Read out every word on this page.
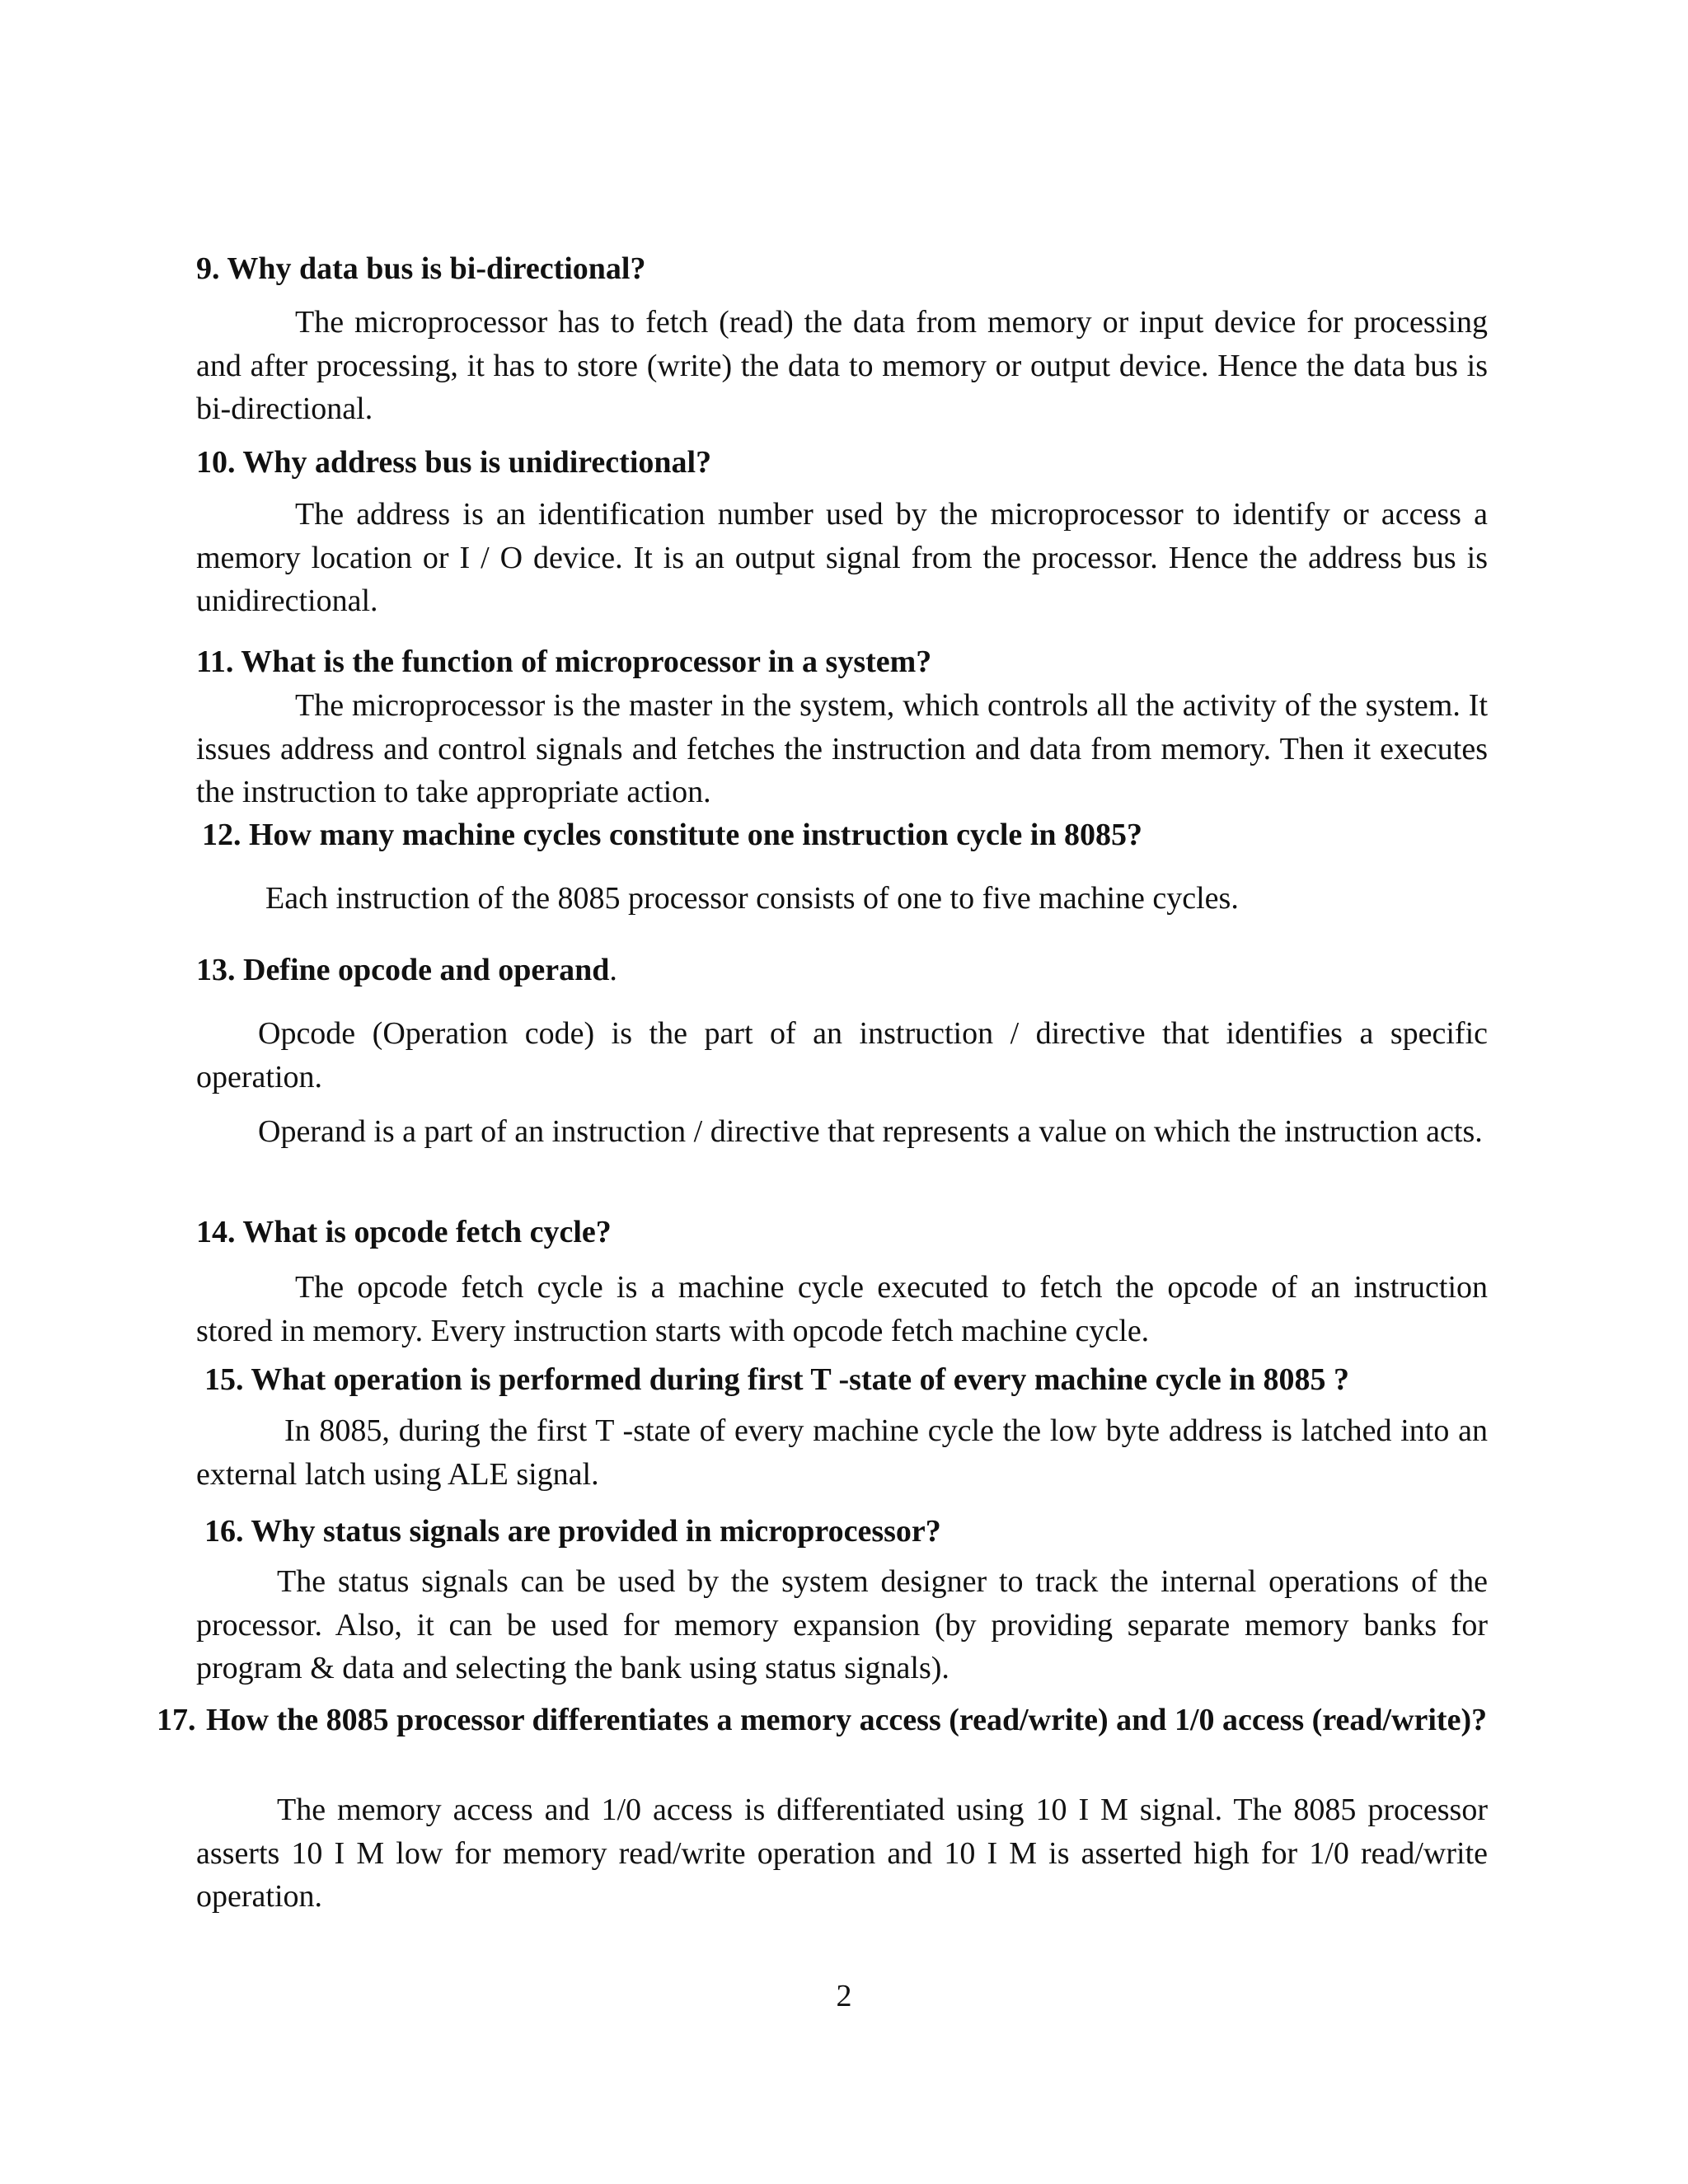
9. Why data bus is bi-directional?
The microprocessor has to fetch (read) the data from memory or input device for processing and after processing, it has to store (write) the data to memory or output device. Hence the data bus is bi-directional.
10. Why address bus is unidirectional?
The address is an identification number used by the microprocessor to identify or access a memory location or I / O device. It is an output signal from the processor. Hence the address bus is unidirectional.
11. What is the function of microprocessor in a system?
The microprocessor is the master in the system, which controls all the activity of the system. It issues address and control signals and fetches the instruction and data from memory. Then it executes the instruction to take appropriate action.
12. How many machine cycles constitute one instruction cycle in 8085?
Each instruction of the 8085 processor consists of one to five machine cycles.
13. Define opcode and operand.
Opcode (Operation code) is the part of an instruction / directive that identifies a specific operation.
Operand is a part of an instruction / directive that represents a value on which the instruction acts.
14. What is opcode fetch cycle?
The opcode fetch cycle is a machine cycle executed to fetch the opcode of an instruction stored in memory. Every instruction starts with opcode fetch machine cycle.
15. What operation is performed during first T -state of every machine cycle in 8085 ?
In 8085, during the first T -state of every machine cycle the low byte address is latched into an external latch using ALE signal.
16. Why status signals are provided in microprocessor?
The status signals can be used by the system designer to track the internal operations of the processor. Also, it can be used for memory expansion (by providing separate memory banks for program & data and selecting the bank using status signals).
17. How the 8085 processor differentiates a memory access (read/write) and 1/0 access (read/write)?
The memory access and 1/0 access is differentiated using 10 I M signal. The 8085 processor asserts 10 I M low for memory read/write operation and 10 I M is asserted high for 1/0 read/write operation.
2
